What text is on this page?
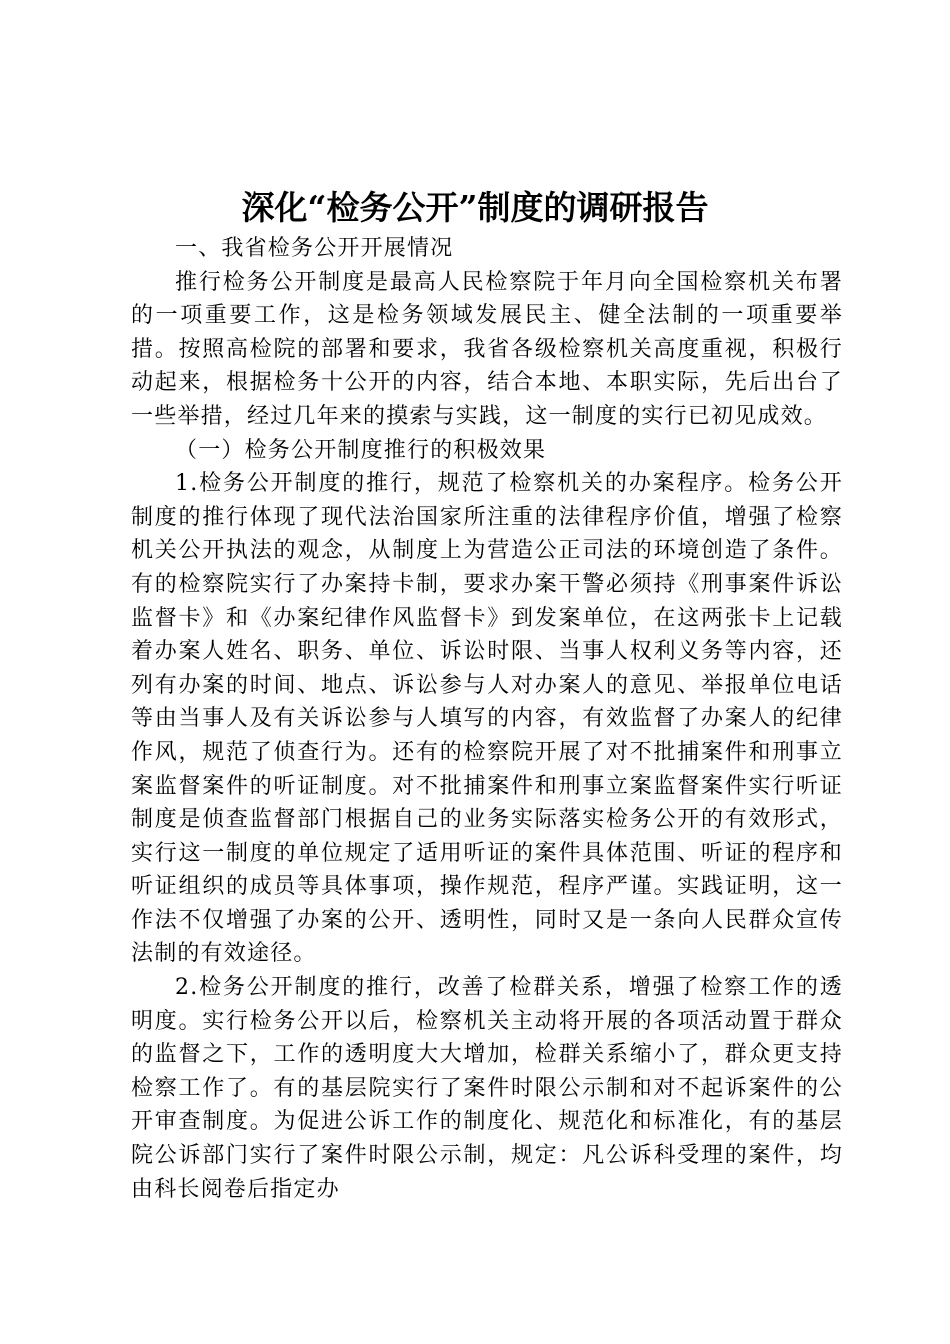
深化“检务公开”制度的调研报告

一、我省检务公开开展情况

推行检务公开制度是最高人民检察院于年月向全国检察机关布署的一项重要工作，这是检务领域发展民主、健全法制的一项重要举措。按照高检院的部署和要求，我省各级检察机关高度重视，积极行动起来，根据检务十公开的内容，结合本地、本职实际，先后出台了一些举措，经过几年来的摸索与实践，这一制度的实行已初见成效。

（一）检务公开制度推行的积极效果

1.检务公开制度的推行，规范了检察机关的办案程序。检务公开制度的推行体现了现代法治国家所注重的法律程序价值，增强了检察机关公开执法的观念，从制度上为营造公正司法的环境创造了条件。有的检察院实行了办案持卡制，要求办案干警必须持《刑事案件诉讼监督卡》和《办案纪律作风监督卡》到发案单位，在这两张卡上记载着办案人姓名、职务、单位、诉讼时限、当事人权利义务等内容，还列有办案的时间、地点、诉讼参与人对办案人的意见、举报单位电话等由当事人及有关诉讼参与人填写的内容，有效监督了办案人的纪律作风，规范了侦查行为。还有的检察院开展了对不批捕案件和刑事立案监督案件的听证制度。对不批捕案件和刑事立案监督案件实行听证制度是侦查监督部门根据自己的业务实际落实检务公开的有效形式，实行这一制度的单位规定了适用听证的案件具体范围、听证的程序和听证组织的成员等具体事项，操作规范，程序严谨。实践证明，这一作法不仅增强了办案的公开、透明性，同时又是一条向人民群众宣传法制的有效途径。

2.检务公开制度的推行，改善了检群关系，增强了检察工作的透明度。实行检务公开以后，检察机关主动将开展的各项活动置于群众的监督之下，工作的透明度大大增加，检群关系缩小了，群众更支持检察工作了。有的基层院实行了案件时限公示制和对不起诉案件的公开审查制度。为促进公诉工作的制度化、规范化和标准化，有的基层院公诉部门实行了案件时限公示制，规定：凡公诉科受理的案件，均由科长阅卷后指定办
